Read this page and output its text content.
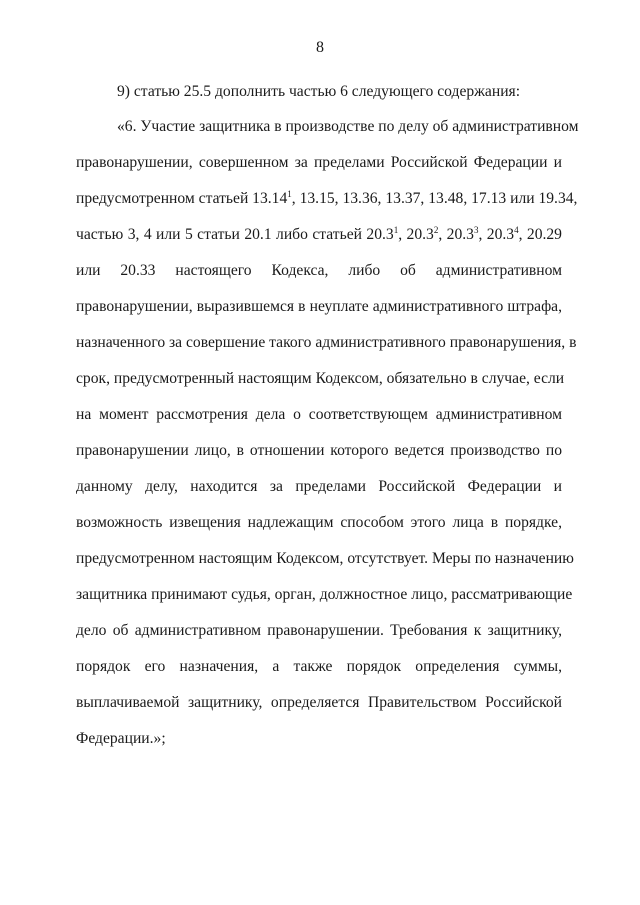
8
9) статью 25.5 дополнить частью 6 следующего содержания:
«6. Участие защитника в производстве по делу об административном
правонарушении, совершенном за пределами Российской Федерации и
предусмотренном статьей 13.14$^1$, 13.15, 13.36, 13.37, 13.48, 17.13 или 19.34,
частью 3, 4 или 5 статьи 20.1 либо статьей 20.3$^1$, 20.3$^2$, 20.3$^3$, 20.3$^4$, 20.29
или 20.33 настоящего Кодекса, либо об административном
правонарушении, выразившемся в неуплате административного штрафа,
назначенного за совершение такого административного правонарушения, в
срок, предусмотренный настоящим Кодексом, обязательно в случае, если
на момент рассмотрения дела о соответствующем административном
правонарушении лицо, в отношении которого ведется производство по
данному делу, находится за пределами Российской Федерации и
возможность извещения надлежащим способом этого лица в порядке,
предусмотренном настоящим Кодексом, отсутствует. Меры по назначению
защитника принимают судья, орган, должностное лицо, рассматривающие
дело об административном правонарушении. Требования к защитнику,
порядок его назначения, а также порядок определения суммы,
выплачиваемой защитнику, определяется Правительством Российской
Федерации.»;
